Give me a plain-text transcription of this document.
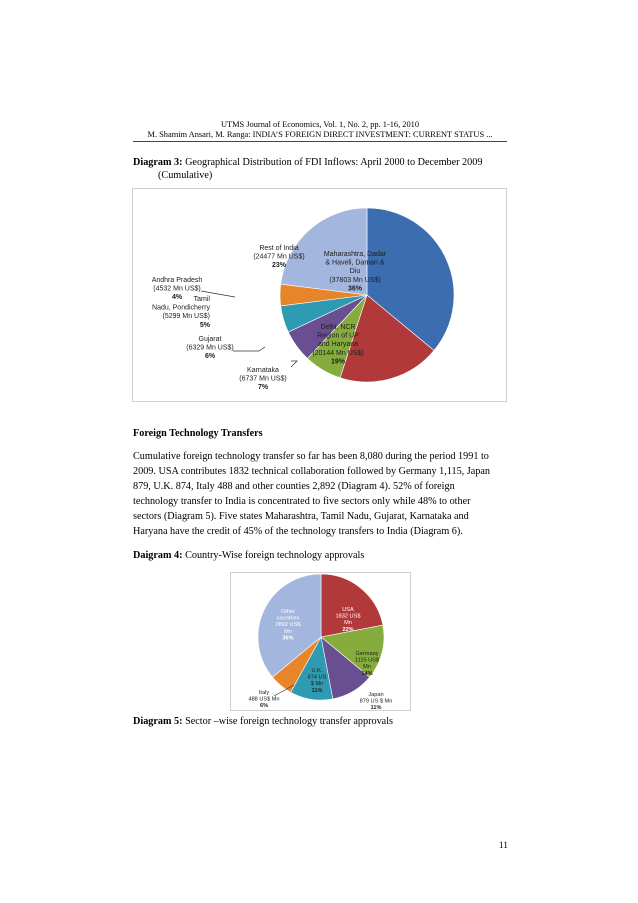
UTMS Journal of Economics, Vol. 1, No. 2, pp. 1-16, 2010
M. Shamim Ansari, M. Ranga: INDIA’S FOREIGN DIRECT INVESTMENT: CURRENT STATUS ...
Diagram 3: Geographical Distribution of FDI Inflows: April 2000 to December 2009
(Cumulative)
Maharashtra, Dadar
& Haveli, Daman &
Diu
(37803 Mn US$)
36%
Delhi, NCR
Region of UP
and Haryana
(20144 Mn US$)
19%
Karnataka
(6737 Mn US$)
7%
Gujarat
(6329 Mn US$)
6%
Tamil
Nadu, Pondicherry
(5299 Mn US$)
5%
Andhra Pradesh
(4532 Mn US$)
4%
Rest of India
(24477 Mn US$)
23%
Foreign Technology Transfers
Cumulative foreign technology transfer so far has been 8,080 during the period 1991 to
2009. USA contributes 1832 technical collaboration followed by Germany 1,115, Japan
879, U.K. 874, Italy 488 and other counties 2,892 (Diagram 4). 52% of foreign
technology transfer to India is concentrated to five sectors only while 48% to other
sectors (Diagram 5). Five states Maharashtra, Tamil Nadu, Gujarat, Karnataka and
Haryana have the credit of 45% of the technology transfers to India (Diagram 6).
Daigram 4: Country-Wise foreign technology approvals
USA
1832 US$
Mn
22%
Germany
1115 US$
Mn
14%
Japan
879 US $ Mn
11%
U.K.
874 US
$ Mn
11%
Italy
488 US$ Mn
6%
Other
countries
2892 US$
Mn
36%
Diagram 5: Sector –wise foreign technology transfer approvals
11
